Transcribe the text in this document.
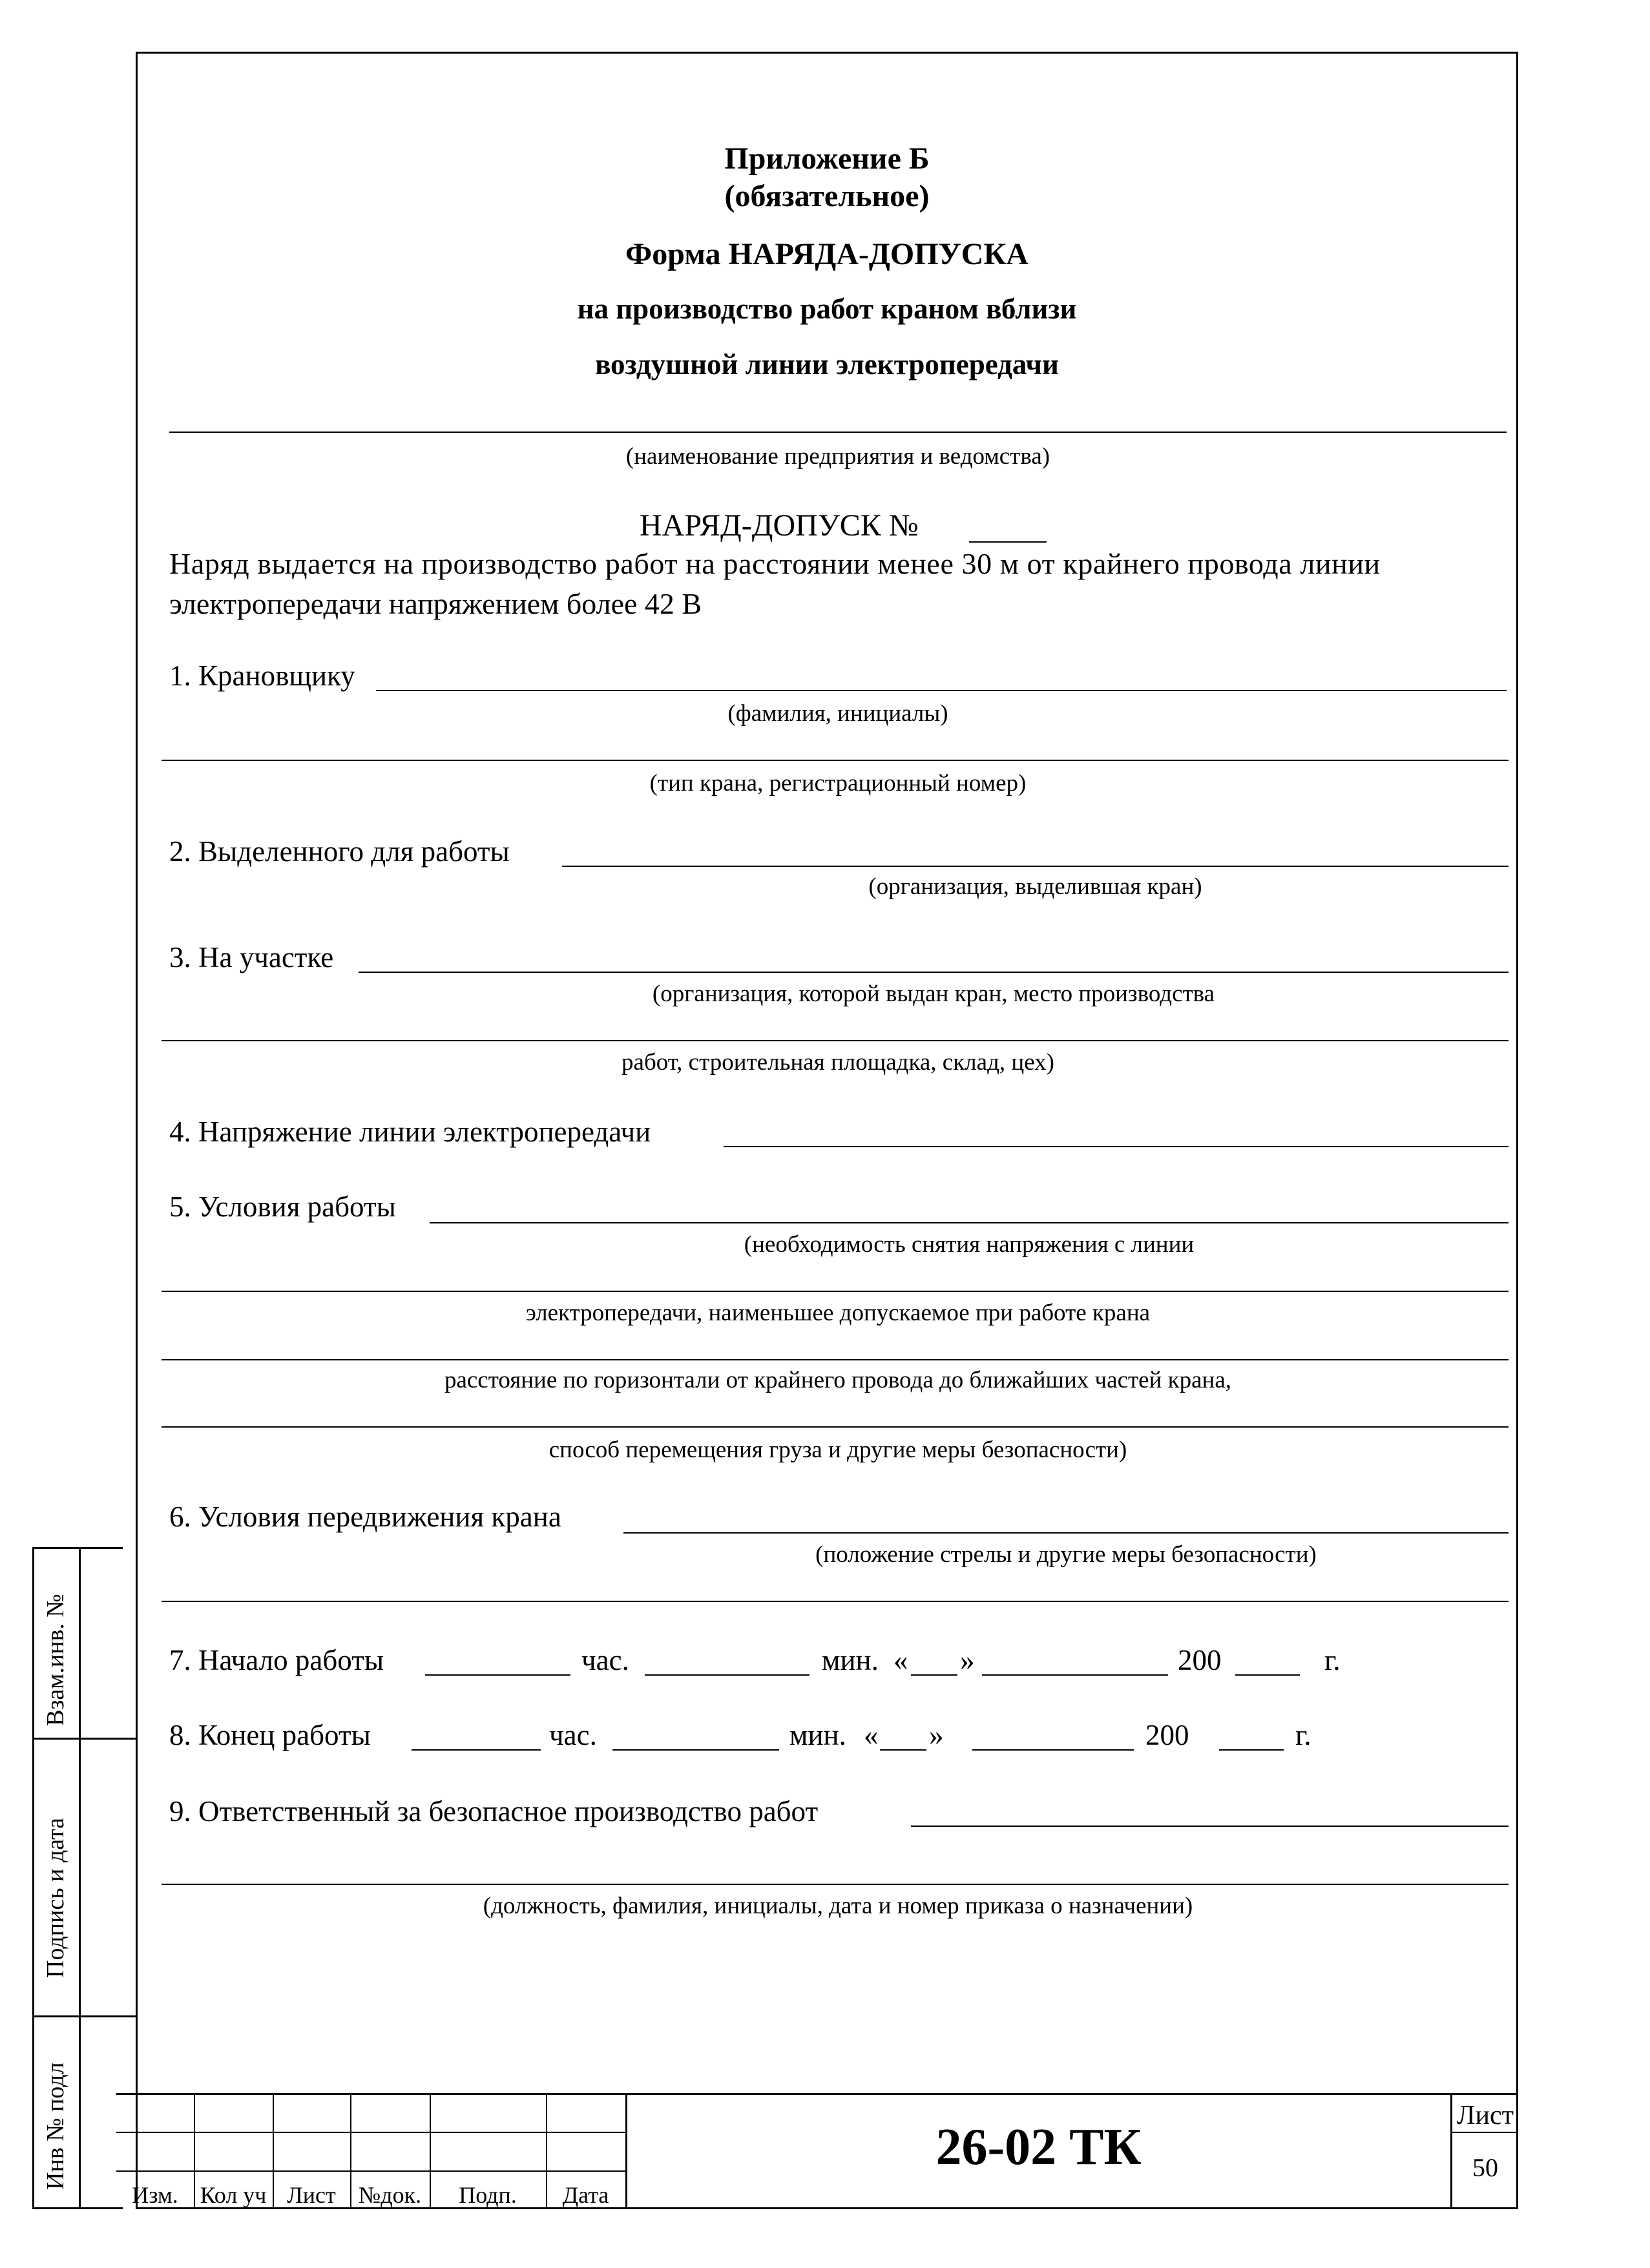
Приложение Б
(обязательное)
Форма НАРЯДА-ДОПУСКА
на производство работ краном вблизи
воздушной линии электропередачи
(наименование предприятия и ведомства)
НАРЯД-ДОПУСК №
Наряд выдается на производство работ на расстоянии менее 30 м от крайнего провода линии
электропередачи напряжением более 42 В
1. Крановщику
(фамилия, инициалы)
(тип крана, регистрационный номер)
2. Выделенного для работы
(организация, выделившая кран)
3. На участке
(организация, которой выдан кран, место производства
работ, строительная площадка, склад, цех)
4. Напряжение линии электропередачи
5. Условия работы
(необходимость снятия напряжения с линии
электропередачи, наименьшее допускаемое при работе крана
расстояние по горизонтали от крайнего провода до ближайших частей крана,
способ перемещения груза и другие меры безопасности)
6. Условия передвижения крана
(положение стрелы и другие меры безопасности)
7. Начало работы	час.	мин. « »	200	г.
8. Конец работы	час.	мин. « »	200	г.
9. Ответственный за безопасное производство работ
(должность, фамилия, инициалы, дата и номер приказа о назначении)
Взам.инв. №
Подпись и дата
Инв № подл
Изм. Кол уч Лист №док.	Подп.	Дата
26-02 ТК
Лист
50
